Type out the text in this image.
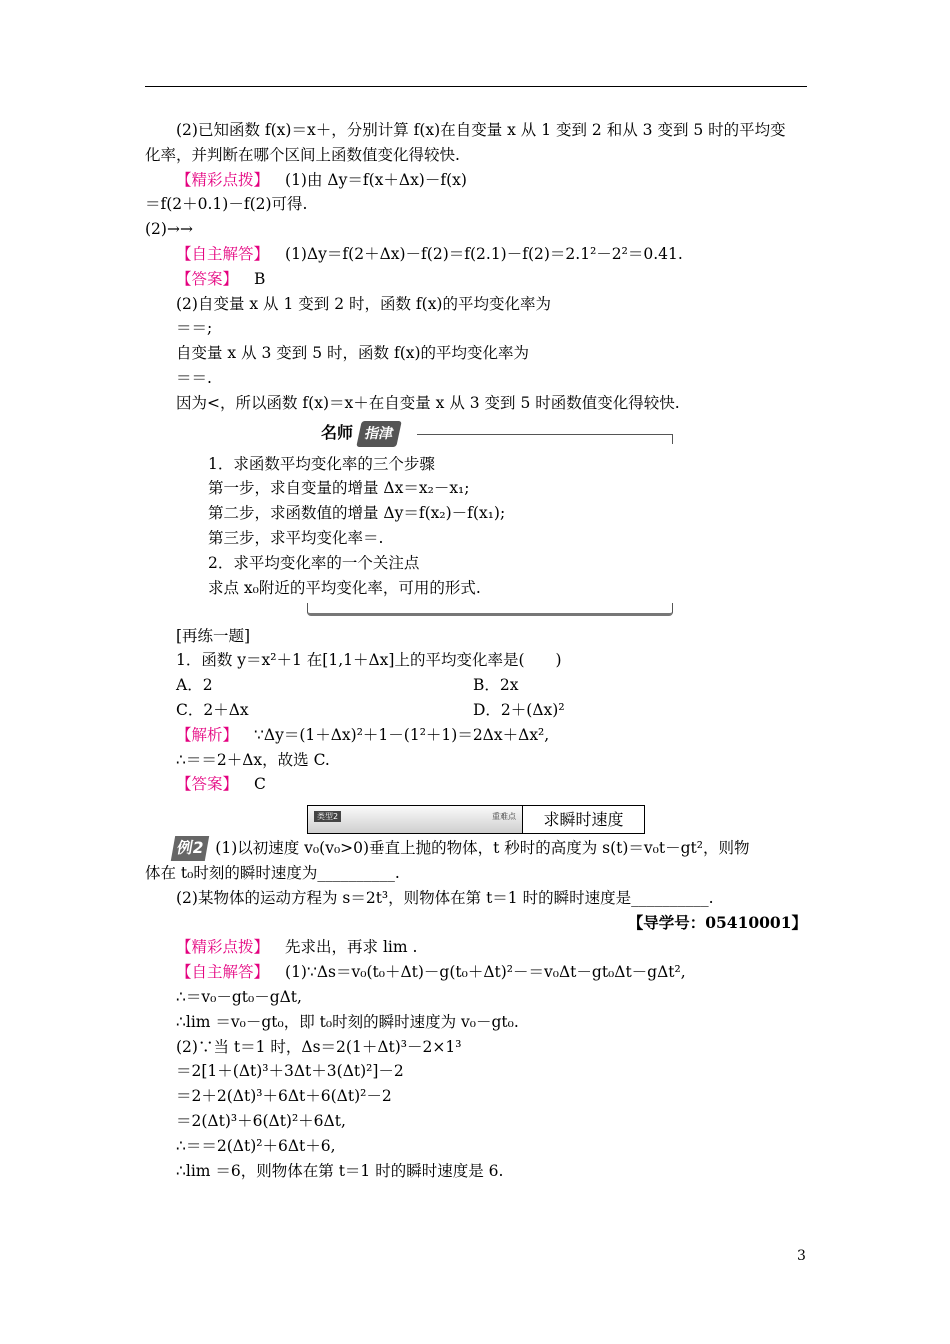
(2)已知函数 f(x)＝x＋，分别计算 f(x)在自变量 x 从 1 变到 2 和从 3 变到 5 时的平均变
化率，并判断在哪个区间上函数值变化得较快.
【精彩点拨】 (1)由 Δy＝f(x＋Δx)－f(x)
＝f(2＋0.1)－f(2)可得.
(2)→→
【自主解答】 (1)Δy＝f(2＋Δx)－f(2)＝f(2.1)－f(2)＝2.1²－2²＝0.41.
【答案】 B
(2)自变量 x 从 1 变到 2 时，函数 f(x)的平均变化率为
＝＝;
自变量 x 从 3 变到 5 时，函数 f(x)的平均变化率为
＝＝.
因为<，所以函数 f(x)＝x＋在自变量 x 从 3 变到 5 时函数值变化得较快.
名师 指津
1．求函数平均变化率的三个步骤
第一步，求自变量的增量 Δx＝x₂－x₁;
第二步，求函数值的增量 Δy＝f(x₂)－f(x₁);
第三步，求平均变化率＝.
2．求平均变化率的一个关注点
求点 x₀附近的平均变化率，可用的形式.
[再练一题]
1．函数 y＝x²＋1 在[1,1＋Δx]上的平均变化率是(　　)
A．2	B．2x
C．2＋Δx	D．2＋(Δx)²
【解析】 ∵Δy＝(1＋Δx)²＋1－(1²＋1)＝2Δx＋Δx²,
∴＝＝2＋Δx，故选 C.
【答案】 C
类型2	重难点	求瞬时速度
例2 (1)以初速度 v₀(v₀>0)垂直上抛的物体，t 秒时的高度为 s(t)＝v₀t－gt²，则物
体在 t₀时刻的瞬时速度为__________.
(2)某物体的运动方程为 s＝2t³，则物体在第 t＝1 时的瞬时速度是__________.
【导学号：05410001】
【精彩点拨】 先求出，再求 lim .
【自主解答】 (1)∵Δs＝v₀(t₀＋Δt)－g(t₀＋Δt)²－＝v₀Δt－gt₀Δt－gΔt²,
∴＝v₀－gt₀－gΔt,
∴lim ＝v₀－gt₀，即 t₀时刻的瞬时速度为 v₀－gt₀.
(2)∵当 t＝1 时，Δs＝2(1＋Δt)³－2×1³
＝2[1＋(Δt)³＋3Δt＋3(Δt)²]－2
＝2＋2(Δt)³＋6Δt＋6(Δt)²－2
＝2(Δt)³＋6(Δt)²＋6Δt,
∴＝＝2(Δt)²＋6Δt＋6,
∴lim ＝6，则物体在第 t＝1 时的瞬时速度是 6.
3
